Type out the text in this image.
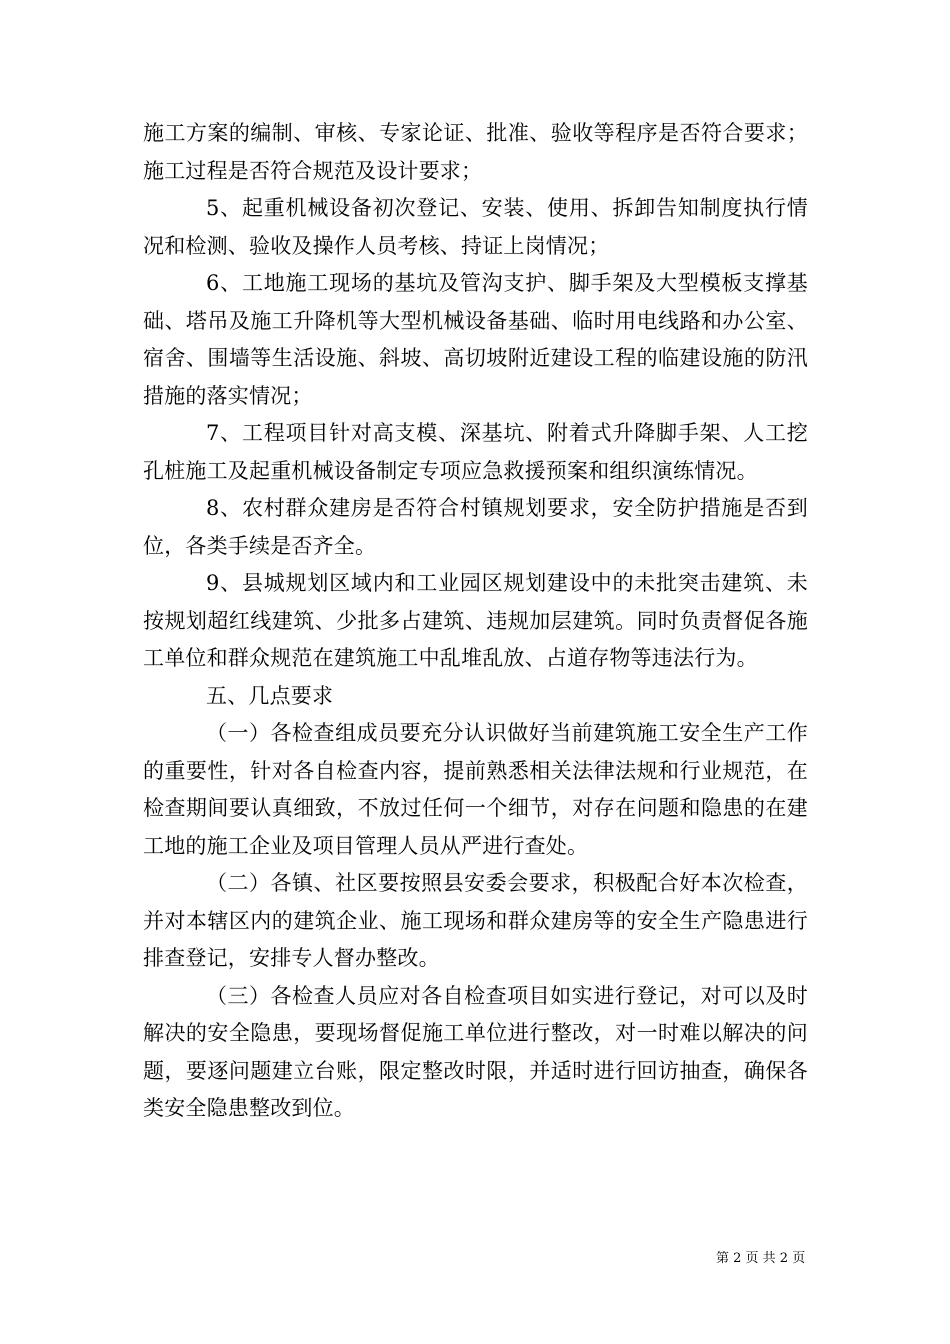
施工方案的编制、审核、专家论证、批准、验收等程序是否符合要求；施工过程是否符合规范及设计要求；

5、起重机械设备初次登记、安装、使用、拆卸告知制度执行情况和检测、验收及操作人员考核、持证上岗情况；

6、工地施工现场的基坑及管沟支护、脚手架及大型模板支撑基础、塔吊及施工升降机等大型机械设备基础、临时用电线路和办公室、宿舍、围墙等生活设施、斜坡、高切坡附近建设工程的临建设施的防汛措施的落实情况；

7、工程项目针对高支模、深基坑、附着式升降脚手架、人工挖孔桩施工及起重机械设备制定专项应急救援预案和组织演练情况。

8、农村群众建房是否符合村镇规划要求，安全防护措施是否到位，各类手续是否齐全。

9、县城规划区域内和工业园区规划建设中的未批突击建筑、未按规划超红线建筑、少批多占建筑、违规加层建筑。同时负责督促各施工单位和群众规范在建筑施工中乱堆乱放、占道存物等违法行为。

五、几点要求

（一）各检查组成员要充分认识做好当前建筑施工安全生产工作的重要性，针对各自检查内容，提前熟悉相关法律法规和行业规范，在检查期间要认真细致，不放过任何一个细节，对存在问题和隐患的在建工地的施工企业及项目管理人员从严进行查处。

（二）各镇、社区要按照县安委会要求，积极配合好本次检查，并对本辖区内的建筑企业、施工现场和群众建房等的安全生产隐患进行排查登记，安排专人督办整改。

（三）各检查人员应对各自检查项目如实进行登记，对可以及时解决的安全隐患，要现场督促施工单位进行整改，对一时难以解决的问题，要逐问题建立台账，限定整改时限，并适时进行回访抽查，确保各类安全隐患整改到位。

第 2 页 共 2 页
